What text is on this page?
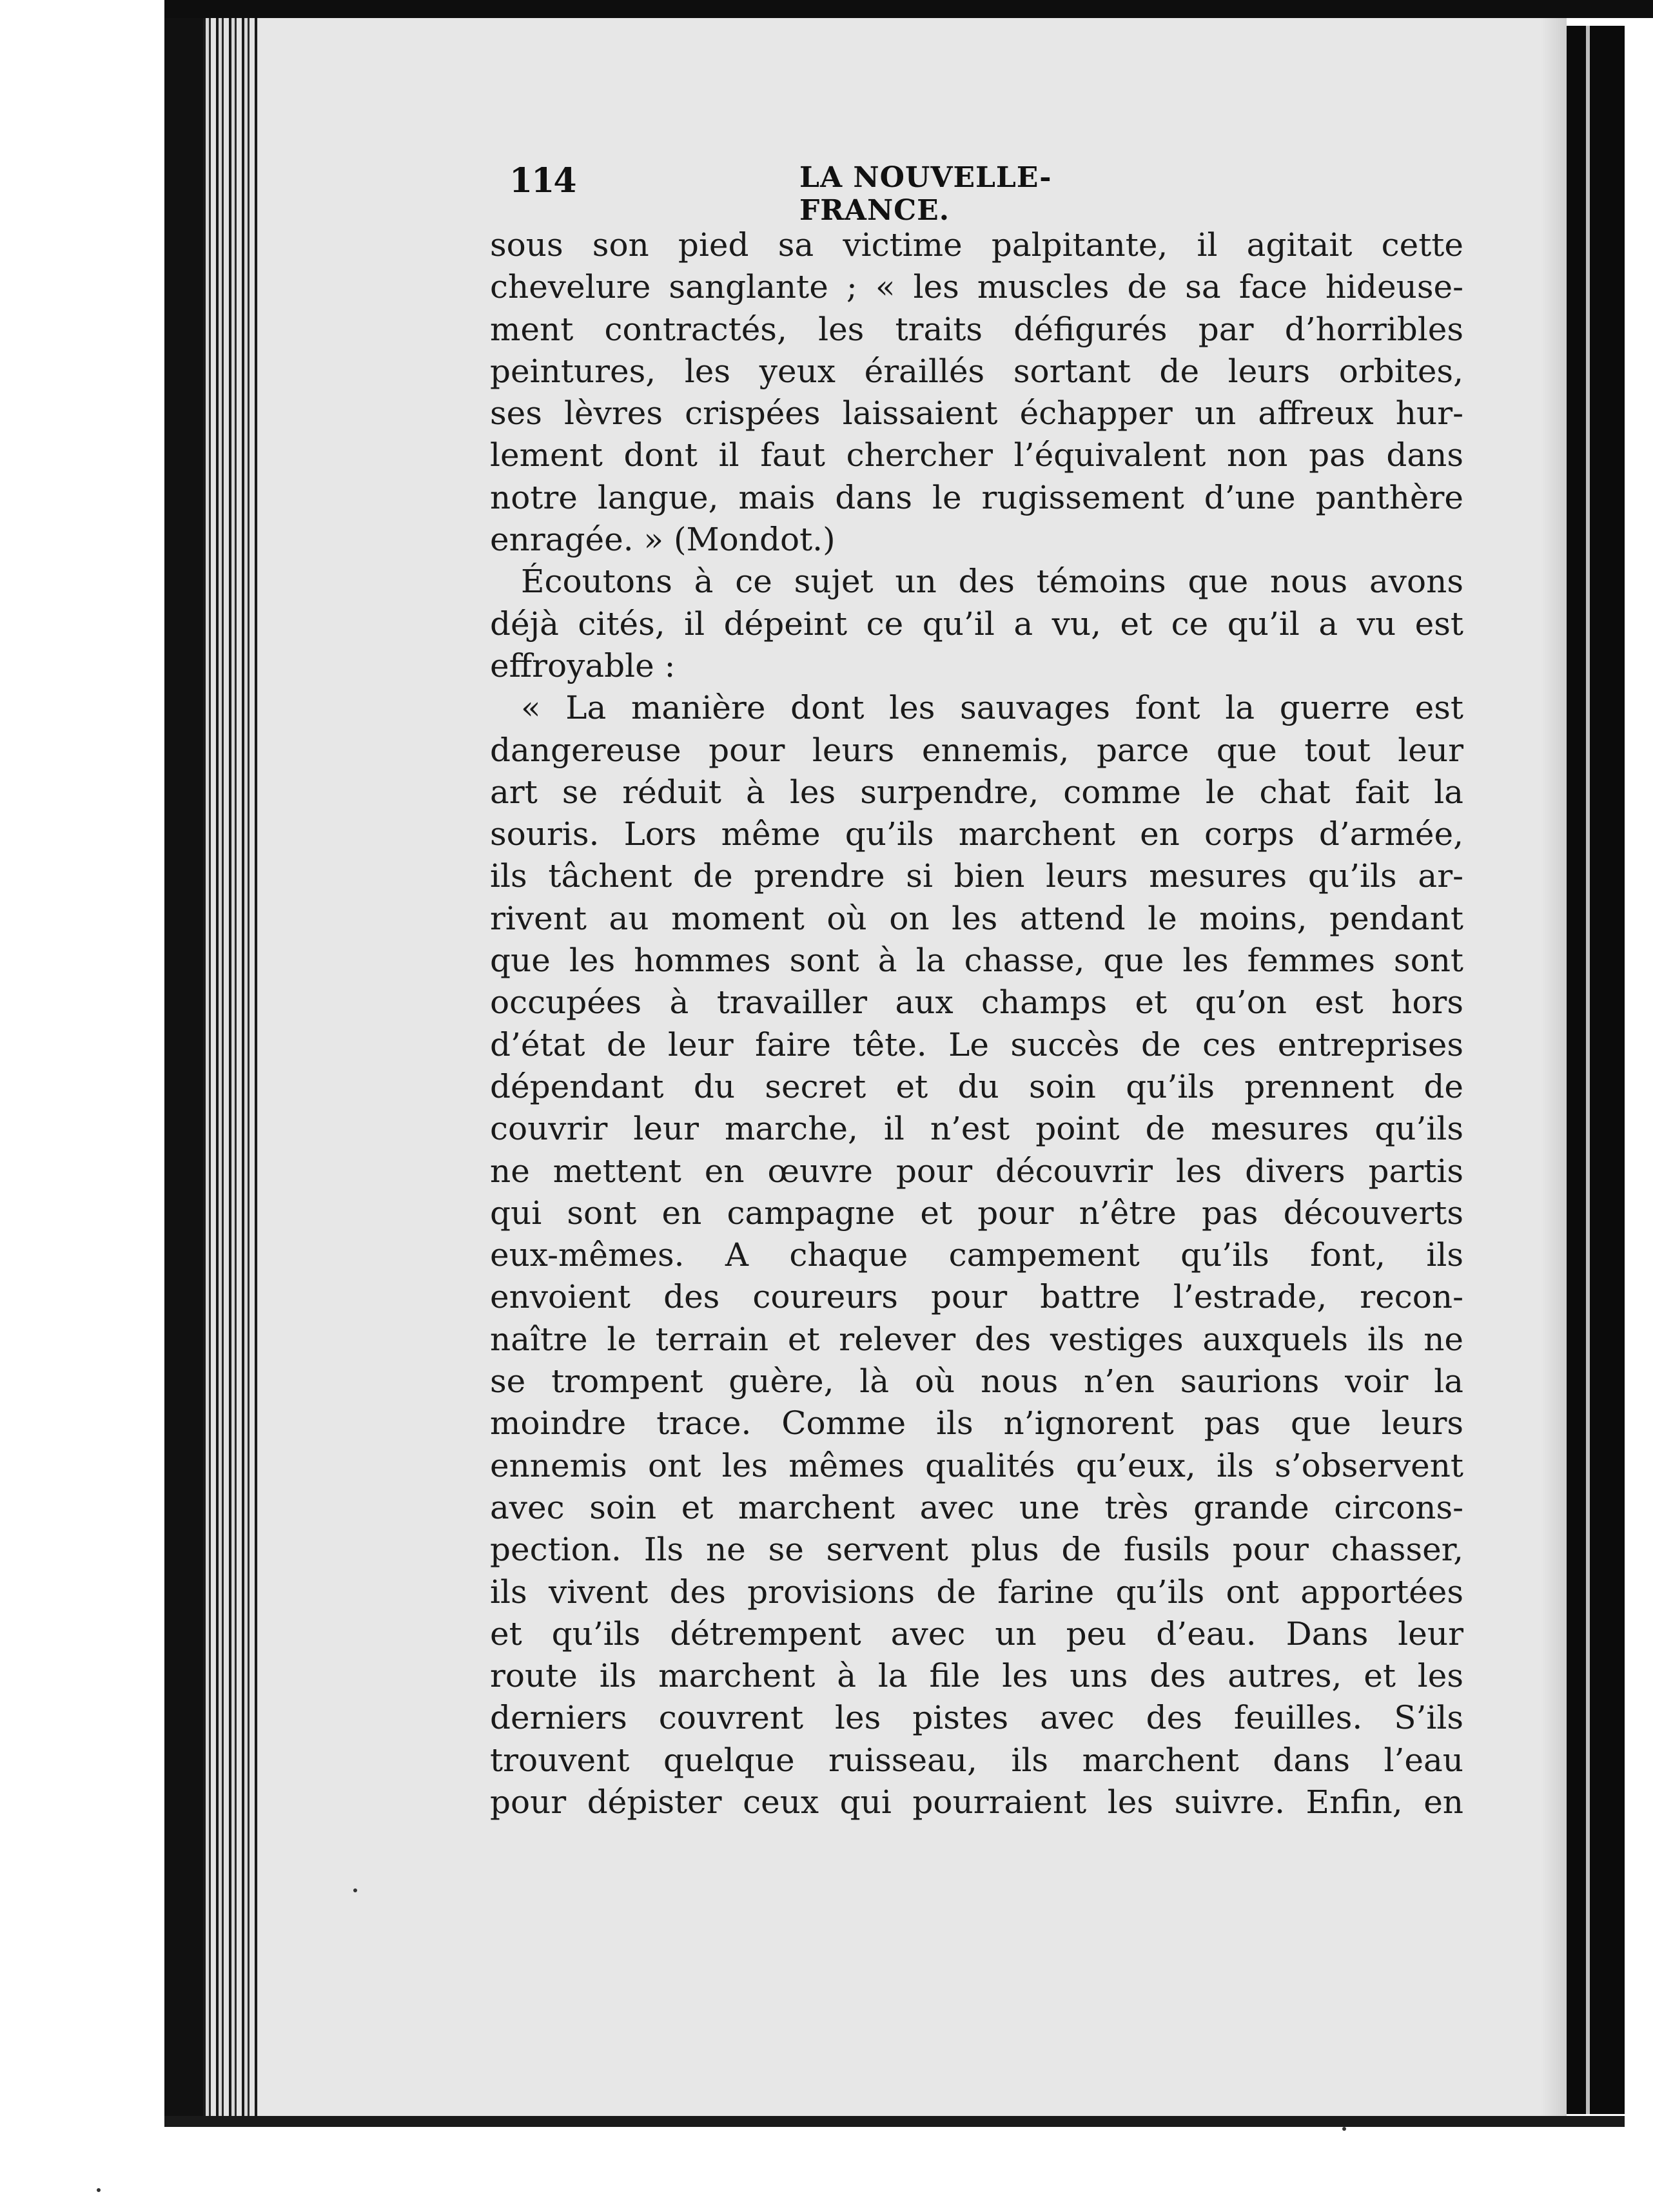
114	LA NOUVELLE-FRANCE.
sous son pied sa victime palpitante, il agitait cette
chevelure sanglante ; « les muscles de sa face hideuse-
ment contractés, les traits défigurés par d’horribles
peintures, les yeux éraillés sortant de leurs orbites,
ses lèvres crispées laissaient échapper un affreux hur-
lement dont il faut chercher l’équivalent non pas dans
notre langue, mais dans le rugissement d’une panthère
enragée. » (Mondot.)
Écoutons à ce sujet un des témoins que nous avons
déjà cités, il dépeint ce qu’il a vu, et ce qu’il a vu est
effroyable :
« La manière dont les sauvages font la guerre est
dangereuse pour leurs ennemis, parce que tout leur
art se réduit à les surpendre, comme le chat fait la
souris. Lors même qu’ils marchent en corps d’armée,
ils tâchent de prendre si bien leurs mesures qu’ils ar-
rivent au moment où on les attend le moins, pendant
que les hommes sont à la chasse, que les femmes sont
occupées à travailler aux champs et qu’on est hors
d’état de leur faire tête. Le succès de ces entreprises
dépendant du secret et du soin qu’ils prennent de
couvrir leur marche, il n’est point de mesures qu’ils
ne mettent en œuvre pour découvrir les divers partis
qui sont en campagne et pour n’être pas découverts
eux-mêmes. A chaque campement qu’ils font, ils
envoient des coureurs pour battre l’estrade, recon-
naître le terrain et relever des vestiges auxquels ils ne
se trompent guère, là où nous n’en saurions voir la
moindre trace. Comme ils n’ignorent pas que leurs
ennemis ont les mêmes qualités qu’eux, ils s’observent
avec soin et marchent avec une très grande circons-
pection. Ils ne se servent plus de fusils pour chasser,
ils vivent des provisions de farine qu’ils ont apportées
et qu’ils détrempent avec un peu d’eau. Dans leur
route ils marchent à la file les uns des autres, et les
derniers couvrent les pistes avec des feuilles. S’ils
trouvent quelque ruisseau, ils marchent dans l’eau
pour dépister ceux qui pourraient les suivre. Enfin, en
